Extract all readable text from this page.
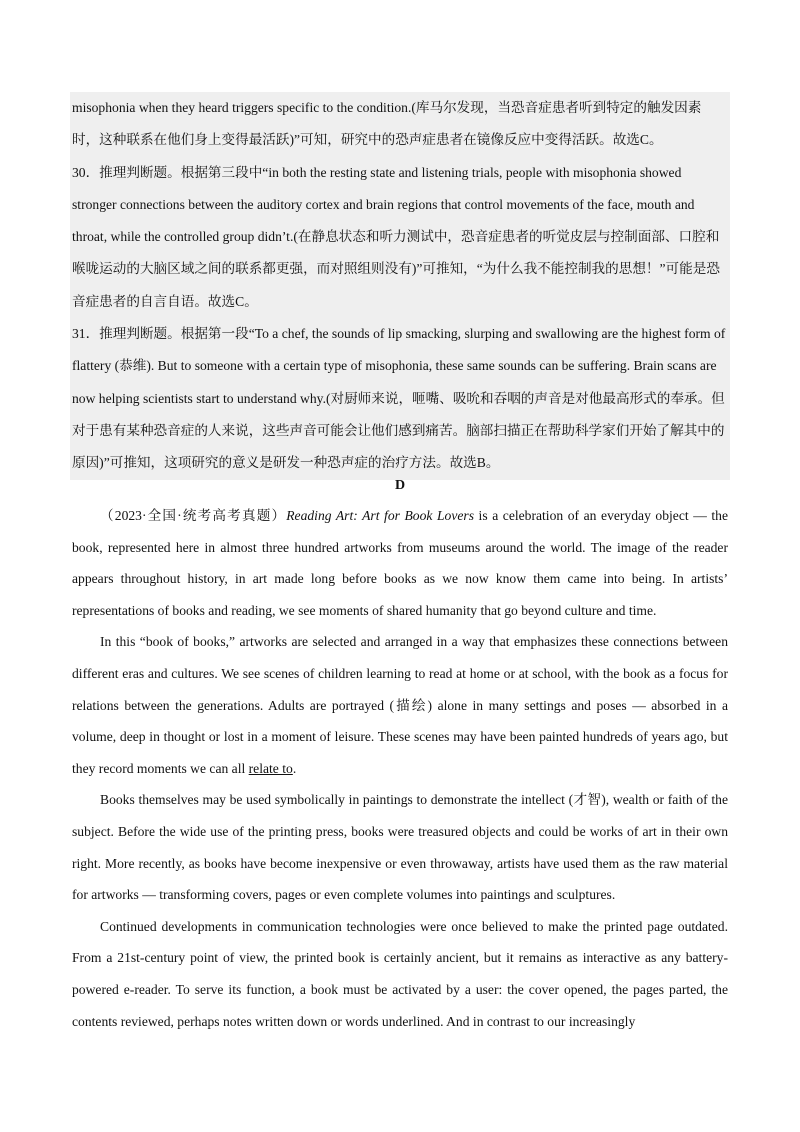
misophonia when they heard triggers specific to the condition.(库马尔发现，当恐音症患者听到特定的触发因素时，这种联系在他们身上变得最活跃)”可知，研究中的恐声症患者在镜像反应中变得活跃。故选C。

30．推理判断题。根据第三段中“in both the resting state and listening trials, people with misophonia showed stronger connections between the auditory cortex and brain regions that control movements of the face, mouth and throat, while the controlled group didn’t.(在静息状态和听力测试中，恐音症患者的听觉皮层与控制面部、口腔和喉咙运动的大脑区域之间的联系都更强，而对照组则没有)”可推知，“为什么我不能控制我的思想！”可能是恐音症患者的自言自语。故选C。

31．推理判断题。根据第一段“To a chef, the sounds of lip smacking, slurping and swallowing are the highest form of flattery (恭维). But to someone with a certain type of misophonia, these same sounds can be suffering. Brain scans are now helping scientists start to understand why.(对厨师来说，咂嘴、吸吮和吞咽的声音是对他最高形式的奉承。但对于患有某种恐音症的人来说，这些声音可能会让他们感到痛苦。脑部扫描正在帮助科学家们开始了解其中的原因)”可推知，这项研究的意义是研发一种恐声症的治疗方法。故选B。

D

（2023·全国·统考高考真题）Reading Art: Art for Book Lovers is a celebration of an everyday object — the book, represented here in almost three hundred artworks from museums around the world. The image of the reader appears throughout history, in art made long before books as we now know them came into being. In artists’ representations of books and reading, we see moments of shared humanity that go beyond culture and time.

In this “book of books,” artworks are selected and arranged in a way that emphasizes these connections between different eras and cultures. We see scenes of children learning to read at home or at school, with the book as a focus for relations between the generations. Adults are portrayed (描绘) alone in many settings and poses — absorbed in a volume, deep in thought or lost in a moment of leisure. These scenes may have been painted hundreds of years ago, but they record moments we can all relate to.

Books themselves may be used symbolically in paintings to demonstrate the intellect (才智), wealth or faith of the subject. Before the wide use of the printing press, books were treasured objects and could be works of art in their own right. More recently, as books have become inexpensive or even throwaway, artists have used them as the raw material for artworks — transforming covers, pages or even complete volumes into paintings and sculptures.

Continued developments in communication technologies were once believed to make the printed page outdated. From a 21st-century point of view, the printed book is certainly ancient, but it remains as interactive as any battery-powered e-reader. To serve its function, a book must be activated by a user: the cover opened, the pages parted, the contents reviewed, perhaps notes written down or words underlined. And in contrast to our increasingly
